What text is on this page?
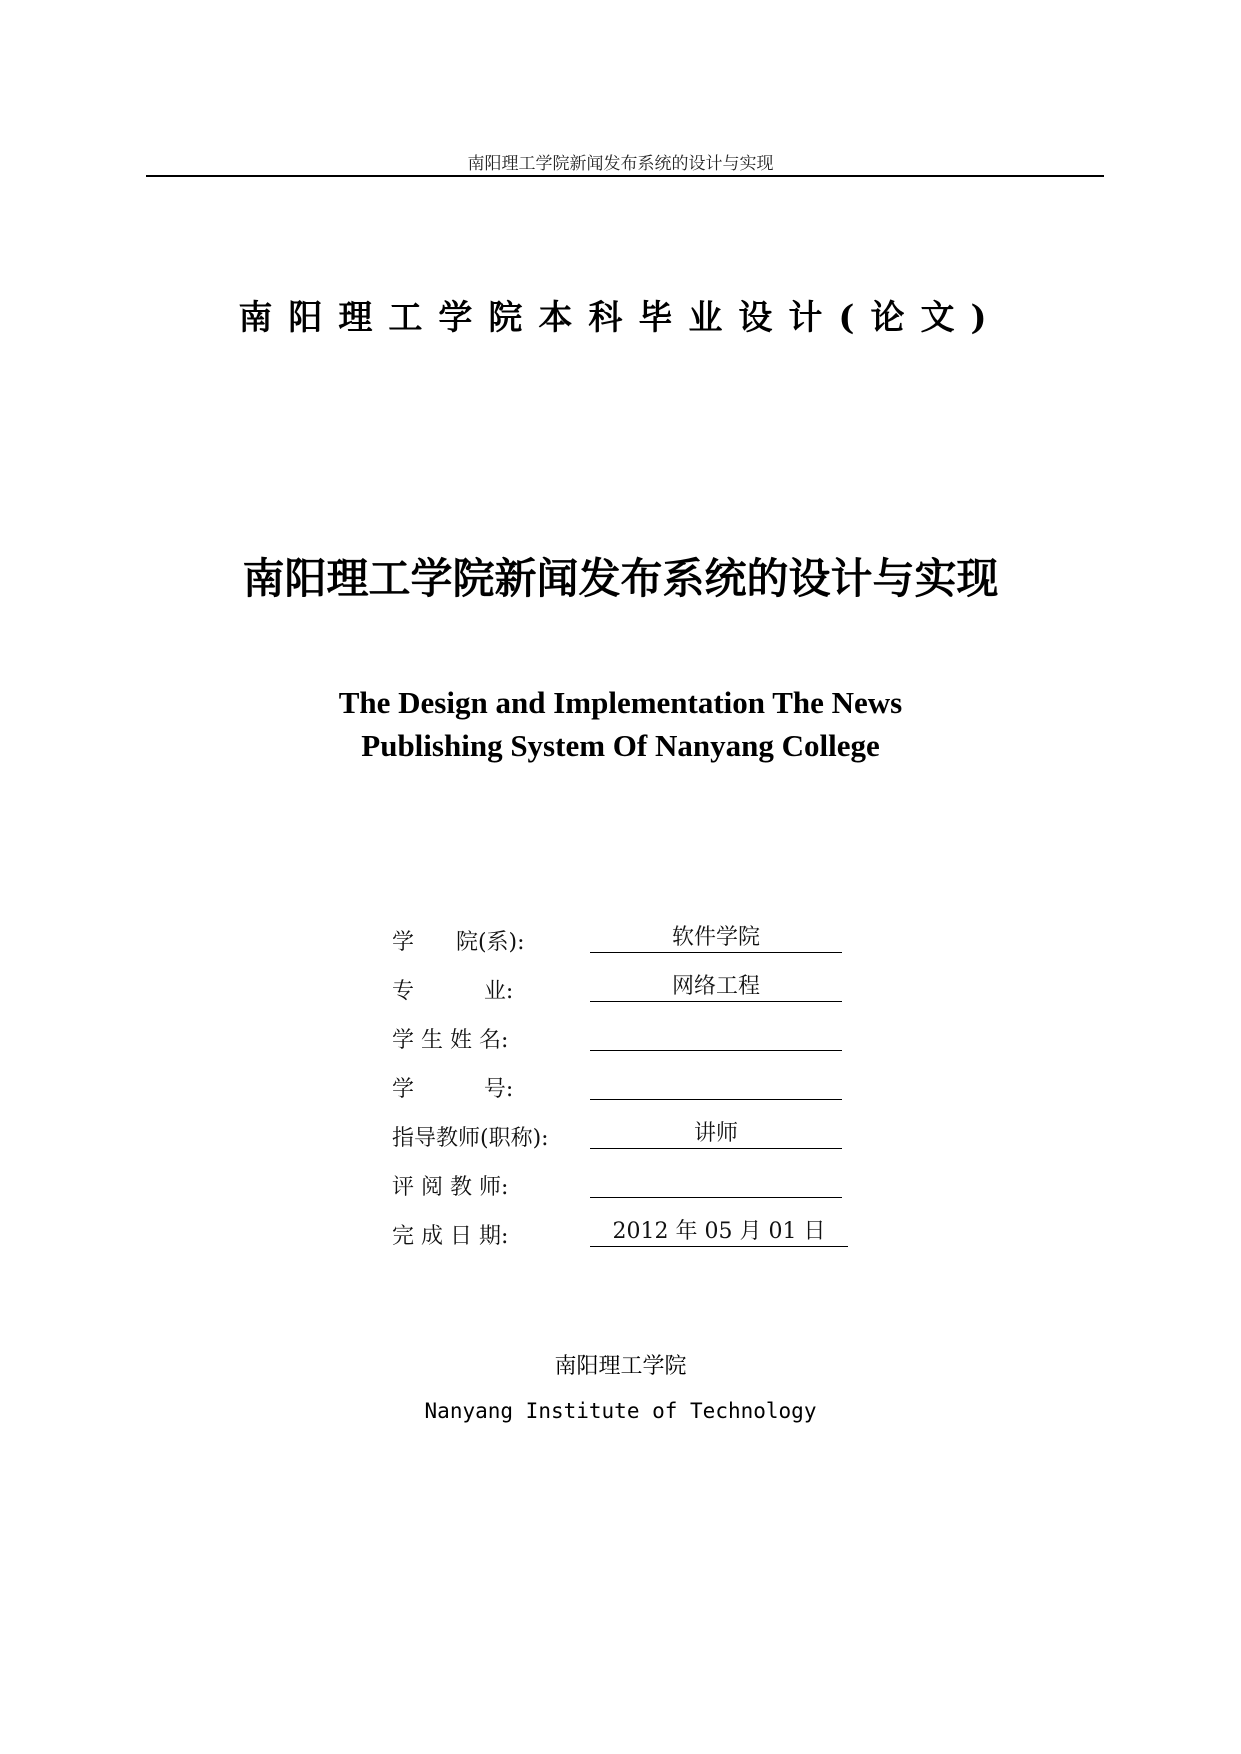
南阳理工学院新闻发布系统的设计与实现
南阳理工学院本科毕业设计(论文)
南阳理工学院新闻发布系统的设计与实现
The Design and Implementation The News
Publishing System Of Nanyang College
学      院(系):	软件学院
专          业:	网络工程
学 生 姓 名:
学          号:
指导教师(职称):	讲师
评 阅 教 师:
完 成 日 期:	2012 年 05 月 01 日
南阳理工学院
Nanyang Institute of Technology
